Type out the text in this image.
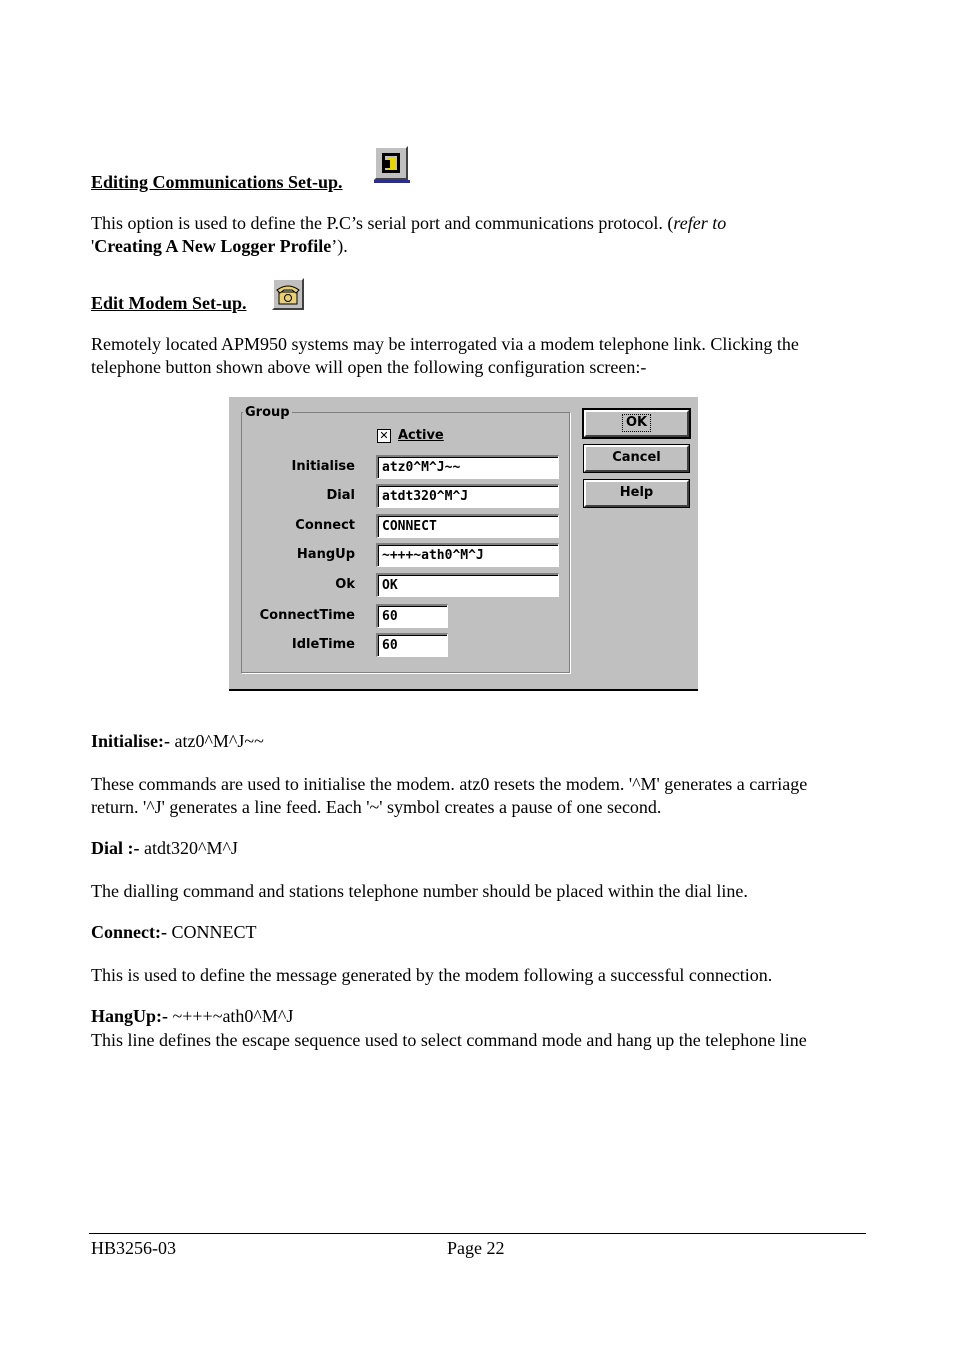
Editing Communications Set-up.
This option is used to define the P.C’s serial port and communications protocol. (refer to
'Creating A New Logger Profile’).
Edit Modem Set-up.
Remotely located APM950 systems may be interrogated via a modem telephone link. Clicking the telephone button shown above will open the following configuration screen:-
Group
✕ Active
Initialise	atz0^M^J~~
Dial	atdt320^M^J
Connect	CONNECT
HangUp	~+++~ath0^M^J
Ok	OK
ConnectTime	60
IdleTime	60
OK
Cancel
Help
Initialise:- atz0^M^J~~
These commands are used to initialise the modem. atz0 resets the modem. '^M' generates a carriage return. '^J' generates a line feed. Each '~' symbol creates a pause of one second.
Dial :- atdt320^M^J
The dialling command and stations telephone number should be placed within the dial line.
Connect:- CONNECT
This is used to define the message generated by the modem following a successful connection.
HangUp:- ~+++~ath0^M^J
This line defines the escape sequence used to select command mode and hang up the telephone line
HB3256-03	Page 22
